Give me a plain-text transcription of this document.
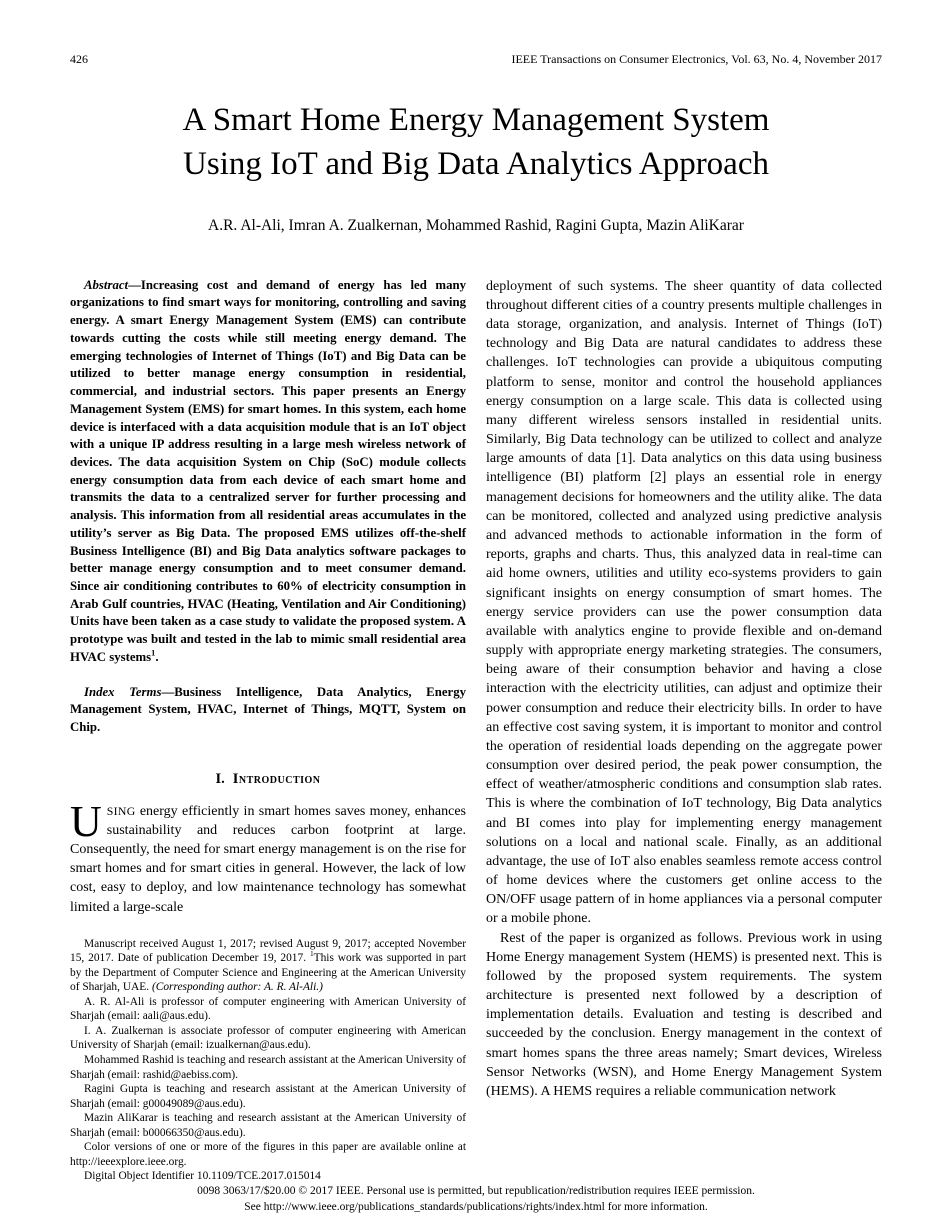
426	IEEE Transactions on Consumer Electronics, Vol. 63, No. 4, November 2017
A Smart Home Energy Management System
Using IoT and Big Data Analytics Approach
A.R. Al-Ali, Imran A. Zualkernan, Mohammed Rashid, Ragini Gupta, Mazin AliKarar

Abstract—Increasing cost and demand of energy has led many organizations to find smart ways for monitoring, controlling and saving energy. A smart Energy Management System (EMS) can contribute towards cutting the costs while still meeting energy demand. The emerging technologies of Internet of Things (IoT) and Big Data can be utilized to better manage energy consumption in residential, commercial, and industrial sectors. This paper presents an Energy Management System (EMS) for smart homes. In this system, each home device is interfaced with a data acquisition module that is an IoT object with a unique IP address resulting in a large mesh wireless network of devices. The data acquisition System on Chip (SoC) module collects energy consumption data from each device of each smart home and transmits the data to a centralized server for further processing and analysis. This information from all residential areas accumulates in the utility’s server as Big Data. The proposed EMS utilizes off-the-shelf Business Intelligence (BI) and Big Data analytics software packages to better manage energy consumption and to meet consumer demand. Since air conditioning contributes to 60% of electricity consumption in Arab Gulf countries, HVAC (Heating, Ventilation and Air Conditioning) Units have been taken as a case study to validate the proposed system. A prototype was built and tested in the lab to mimic small residential area HVAC systems$^1$.

Index Terms—Business Intelligence, Data Analytics, Energy Management System, HVAC, Internet of Things, MQTT, System on Chip.

I. Introduction

USING energy efficiently in smart homes saves money, enhances sustainability and reduces carbon footprint at large. Consequently, the need for smart energy management is on the rise for smart homes and for smart cities in general. However, the lack of low cost, easy to deploy, and low maintenance technology has somewhat limited a large-scale

Manuscript received August 1, 2017; revised August 9, 2017; accepted November 15, 2017. Date of publication December 19, 2017. $^1$This work was supported in part by the Department of Computer Science and Engineering at the American University of Sharjah, UAE. (Corresponding author: A. R. Al-Ali.)

A. R. Al-Ali is professor of computer engineering with American University of Sharjah (email: aali@aus.edu).

I. A. Zualkernan is associate professor of computer engineering with American University of Sharjah (email: izualkernan@aus.edu).

Mohammed Rashid is teaching and research assistant at the American University of Sharjah (email: rashid@aebiss.com).

Ragini Gupta is teaching and research assistant at the American University of Sharjah (email: g00049089@aus.edu).

Mazin AliKarar is teaching and research assistant at the American University of Sharjah (email: b00066350@aus.edu).

Color versions of one or more of the figures in this paper are available online at http://ieeexplore.ieee.org.

Digital Object Identifier 10.1109/TCE.2017.015014

deployment of such systems. The sheer quantity of data collected throughout different cities of a country presents multiple challenges in data storage, organization, and analysis. Internet of Things (IoT) technology and Big Data are natural candidates to address these challenges. IoT technologies can provide a ubiquitous computing platform to sense, monitor and control the household appliances energy consumption on a large scale. This data is collected using many different wireless sensors installed in residential units. Similarly, Big Data technology can be utilized to collect and analyze large amounts of data [1]. Data analytics on this data using business intelligence (BI) platform [2] plays an essential role in energy management decisions for homeowners and the utility alike. The data can be monitored, collected and analyzed using predictive analysis and advanced methods to actionable information in the form of reports, graphs and charts. Thus, this analyzed data in real-time can aid home owners, utilities and utility eco-systems providers to gain significant insights on energy consumption of smart homes. The energy service providers can use the power consumption data available with analytics engine to provide flexible and on-demand supply with appropriate energy marketing strategies. The consumers, being aware of their consumption behavior and having a close interaction with the electricity utilities, can adjust and optimize their power consumption and reduce their electricity bills. In order to have an effective cost saving system, it is important to monitor and control the operation of residential loads depending on the aggregate power consumption over desired period, the peak power consumption, the effect of weather/atmospheric conditions and consumption slab rates. This is where the combination of IoT technology, Big Data analytics and BI comes into play for implementing energy management solutions on a local and national scale. Finally, as an additional advantage, the use of IoT also enables seamless remote access control of home devices where the customers get online access to the ON/OFF usage pattern of in home appliances via a personal computer or a mobile phone.

Rest of the paper is organized as follows. Previous work in using Home Energy management System (HEMS) is presented next. This is followed by the proposed system requirements. The system architecture is presented next followed by a description of implementation details. Evaluation and testing is described and succeeded by the conclusion. Energy management in the context of smart homes spans the three areas namely; Smart devices, Wireless Sensor Networks (WSN), and Home Energy Management System (HEMS). A HEMS requires a reliable communication network

0098 3063/17/$20.00 © 2017 IEEE. Personal use is permitted, but republication/redistribution requires IEEE permission.
See http://www.ieee.org/publications_standards/publications/rights/index.html for more information.
